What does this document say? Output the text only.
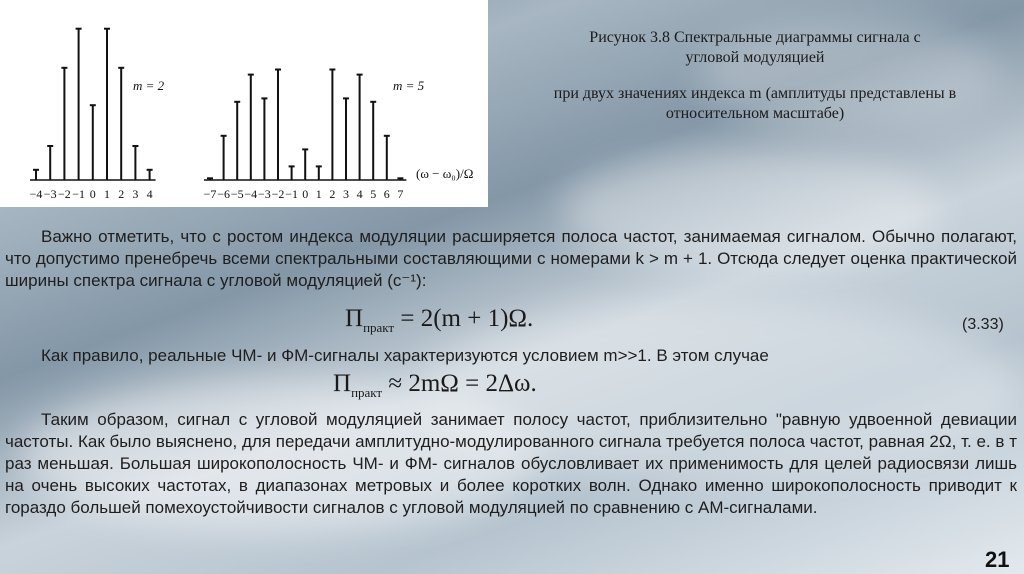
−4 −3 −2 −1 0 1 2 3 4	−7 −6 −5 −4 −3 −2 −1 0 1 2 3 4 5 6 7
m = 2	m = 5
(ω − ω₀)/Ω
Рисунок 3.8 Спектральные диаграммы сигнала с
угловой модуляцией
при двух значениях индекса m (амплитуды представлены в
относительном масштабе)
Важно отметить, что с ростом индекса модуляции расширяется полоса частот, занимаемая сигналом. Обычно полагают, что допустимо пренебречь всеми спектральными составляющими с номерами k > m + 1. Отсюда следует оценка практической ширины спектра сигнала с угловой модуляцией (с⁻¹):
$\Pi_{практ} = 2(m + 1)\Omega$.	(3.33)
Как правило, реальные ЧМ- и ФМ-сигналы характеризуются условием m>>1. В этом случае
$\Pi_{практ} \approx 2m\Omega = 2\Delta\omega$.
Таким образом, сигнал с угловой модуляцией занимает полосу частот, приблизительно "равную удвоенной девиации частоты. Как было выяснено, для передачи амплитудно-модулированного сигнала требуется полоса частот, равная 2Ω, т. е. в т раз меньшая. Большая широкополосность ЧМ- и ФМ- сигналов обусловливает их применимость для целей радиосвязи лишь на очень высоких частотах, в диапазонах метровых и более коротких волн. Однако именно широкополосность приводит к гораздо большей помехоустойчивости сигналов с угловой модуляцией по сравнению с АМ-сигналами.
21
